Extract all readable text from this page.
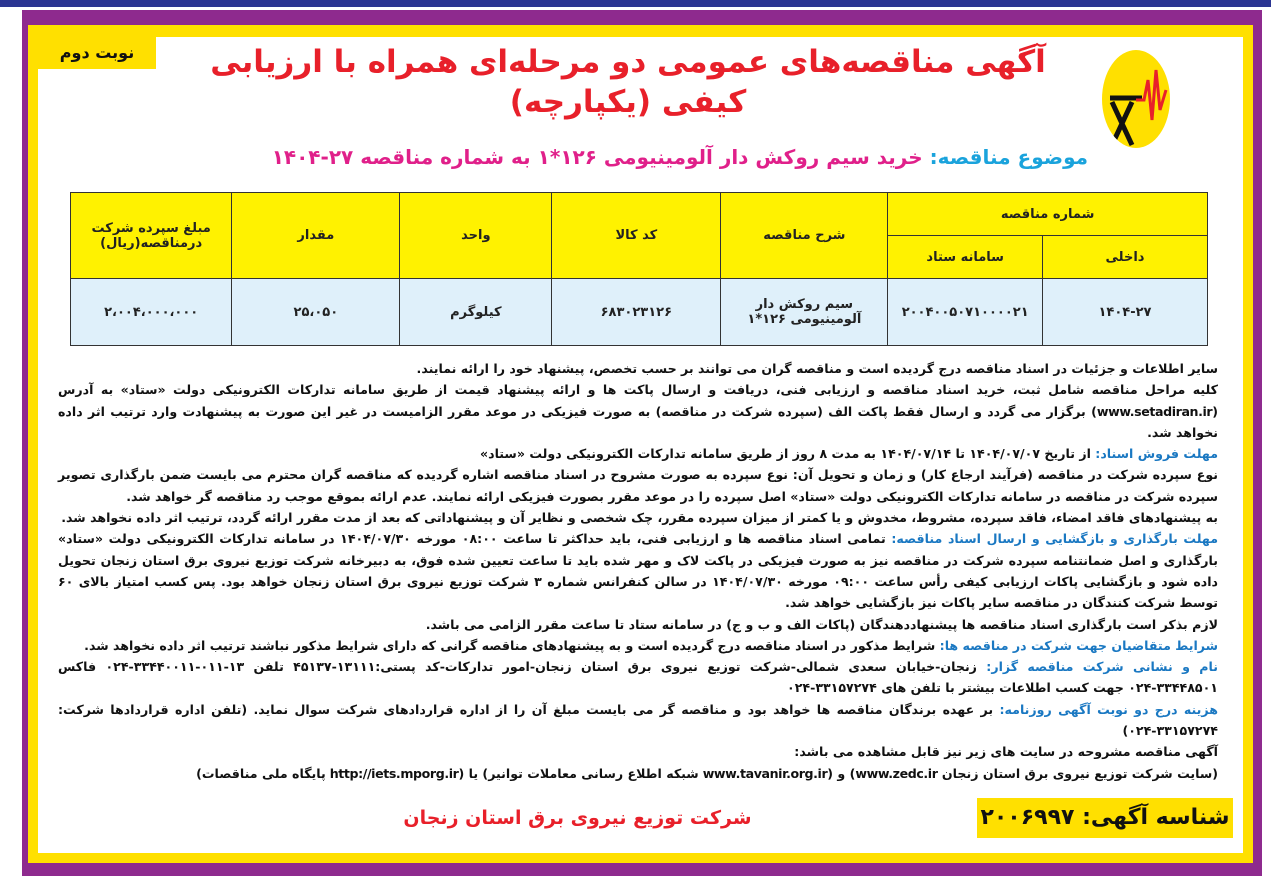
نوبت دوم	آگهی مناقصه‌های عمومی دو مرحله‌ای همراه با ارزیابی کیفی (یکپارچه)
موضوع مناقصه: خرید سیم روکش دار آلومینیومی ۱۲۶*۱ به شماره مناقصه ۲۷-۱۴۰۴
شماره مناقصه		شرح مناقصه	کد کالا	واحد	مقدار	مبلغ سپرده شرکت درمناقصه(ریال)
داخلی	سامانه ستاد					
۱۴۰۴-۲۷	۲۰۰۴۰۰۵۰۷۱۰۰۰۰۲۱	سیم روکش دار آلومینیومی ۱۲۶*۱	۶۸۳۰۲۳۱۲۶	کیلوگرم	۲۵،۰۵۰	۲،۰۰۴،۰۰۰،۰۰۰

سایر اطلاعات و جزئیات در اسناد مناقصه درج گردیده است و مناقصه گران می توانند بر حسب تخصص، پیشنهاد خود را ارائه نمایند.

کلیه مراحل مناقصه شامل ثبت، خرید اسناد مناقصه و ارزیابی فنی، دریافت و ارسال پاکت ها و ارائه پیشنهاد قیمت از طریق سامانه تدارکات الکترونیکی دولت «ستاد» به آدرس (www.setadiran.ir) برگزار می گردد و ارسال فقط پاکت الف (سپرده شرکت در مناقصه) به صورت فیزیکی در موعد مقرر الزامیست در غیر این صورت به پیشنهادت وارد ترتیب اثر داده نخواهد شد.

مهلت فروش اسناد: از تاریخ ۱۴۰۴/۰۷/۰۷ تا ۱۴۰۴/۰۷/۱۴ به مدت ۸ روز از طریق سامانه تدارکات الکترونیکی دولت «ستاد»

نوع سپرده شرکت در مناقصه (فرآیند ارجاع کار) و زمان و تحویل آن: نوع سپرده به صورت مشروح در اسناد مناقصه اشاره گردیده که مناقصه گران محترم می بایست ضمن بارگذاری تصویر سپرده شرکت در مناقصه در سامانه تدارکات الکترونیکی دولت «ستاد» اصل سپرده را در موعد مقرر بصورت فیزیکی ارائه نمایند. عدم ارائه بموقع موجب رد مناقصه گر خواهد شد.

به پیشنهادهای فاقد امضاء، فاقد سپرده، مشروط، مخدوش و یا کمتر از میزان سپرده مقرر، چک شخصی و نظایر آن و پیشنهاداتی که بعد از مدت مقرر ارائه گردد، ترتیب اثر داده نخواهد شد.

مهلت بارگذاری و بازگشایی و ارسال اسناد مناقصه: تمامی اسناد مناقصه ها و ارزیابی فنی، باید حداکثر تا ساعت ۰۸:۰۰ مورخه ۱۴۰۴/۰۷/۳۰ در سامانه تدارکات الکترونیکی دولت «ستاد» بارگذاری و اصل ضمانتنامه سپرده شرکت در مناقصه نیز به صورت فیزیکی در پاکت لاک و مهر شده باید تا ساعت تعیین شده فوق، به دبیرخانه شرکت توزیع نیروی برق استان زنجان تحویل داده شود و بازگشایی پاکات ارزیابی کیفی رأس ساعت ۰۹:۰۰ مورخه ۱۴۰۴/۰۷/۳۰ در سالن کنفرانس شماره ۳ شرکت توزیع نیروی برق استان زنجان خواهد بود. پس کسب امتیاز بالای ۶۰ توسط شرکت کنندگان در مناقصه سایر پاکات نیز بازگشایی خواهد شد.

لازم بذکر است بارگذاری اسناد مناقصه ها پیشنهاددهندگان (پاکات الف و ب و ج) در سامانه ستاد تا ساعت مقرر الزامی می باشد.

شرایط متقاضیان جهت شرکت در مناقصه ها: شرایط مذکور در اسناد مناقصه درج گردیده است و به پیشنهادهای مناقصه گرانی که دارای شرایط مذکور نباشند ترتیب اثر داده نخواهد شد.

نام و نشانی شرکت مناقصه گزار: زنجان-خیابان سعدی شمالی-شرکت توزیع نیروی برق استان زنجان-امور تدارکات-کد پستی:۱۳۱۱۱-۴۵۱۳۷ تلفن ۱۳-۰۱۱-۳۳۴۴۰۰۱۱-۰۲۴ فاکس ۳۳۴۴۸۵۰۱-۰۲۴ جهت کسب اطلاعات بیشتر با تلفن های ۳۳۱۵۷۲۷۴-۰۲۴

هزینه درج دو نوبت آگهی روزنامه: بر عهده برندگان مناقصه ها خواهد بود و مناقصه گر می بایست مبلغ آن را از اداره قراردادهای شرکت سوال نماید. (تلفن اداره قراردادها شرکت: ۳۳۱۵۷۲۷۴-۰۲۴)

آگهی مناقصه مشروحه در سایت های زیر نیز قابل مشاهده می باشد:

(سایت شرکت توزیع نیروی برق استان زنجان www.zedc.ir) و (www.tavanir.org.ir شبکه اطلاع رسانی معاملات توانیر) یا (http://iets.mporg.ir پایگاه ملی مناقصات)

شناسه آگهی: ۲۰۰۶۹۹۷
شرکت توزیع نیروی برق استان زنجان
